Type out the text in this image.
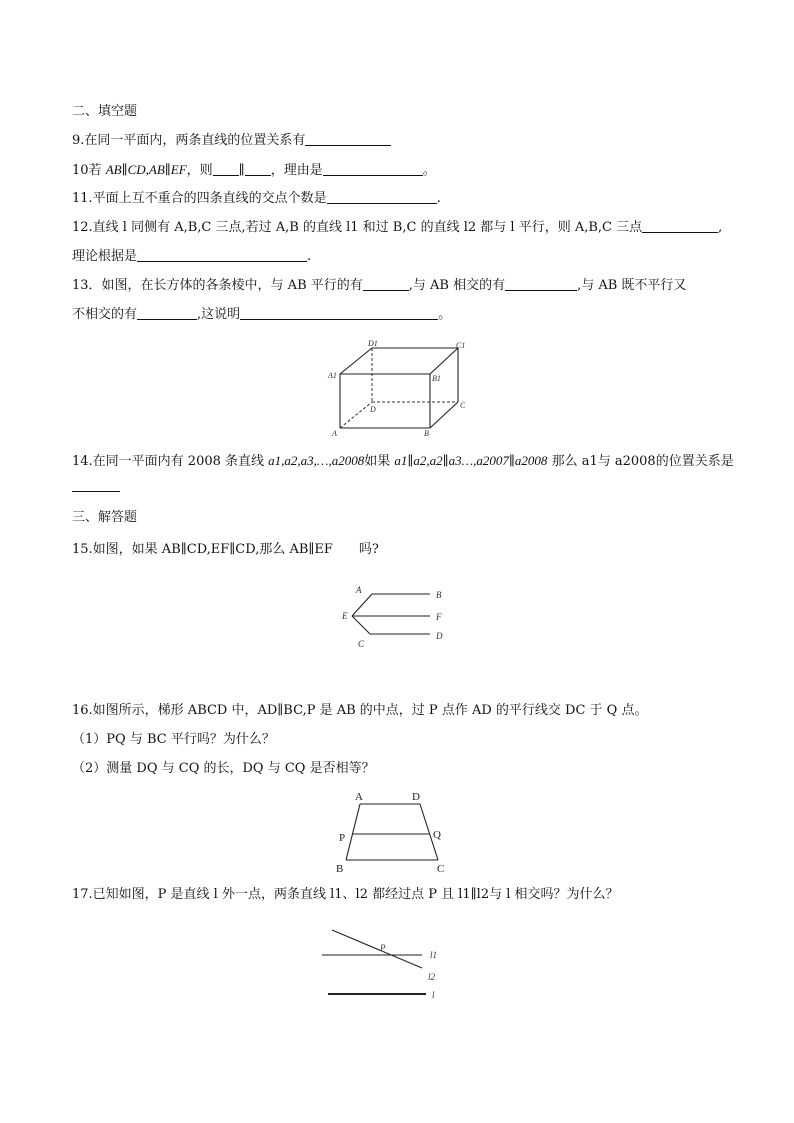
二、填空题
9.在同一平面内，两条直线的位置关系有
10若 AB∥CD,AB∥EF，则 ∥ ，理由是	。
11.平面上互不重合的四条直线的交点个数是	.
12.直线 l 同侧有 A,B,C 三点,若过 A,B 的直线 l1 和过 B,C 的直线 l2 都与 l 平行，则 A,B,C 三点	,
理论根据是	.
13．如图，在长方体的各条棱中，与 AB 平行的有	,与 AB 相交的有	,与 AB 既不平行又
不相交的有	,这说明	。
D1	C1
A1	B1
D	C
A	B
14.在同一平面内有 2008 条直线 a1,a2,a3,…,a2008如果 a1∥a2,a2∥a3…,a2007∥a2008 那么 a1与 a2008的位置关系是
三、解答题
15.如图，如果 AB∥CD,EF∥CD,那么 AB∥EF　　吗?
A	B
E	F
C
D
16.如图所示，梯形 ABCD 中，AD∥BC,P 是 AB 的中点，过 P 点作 AD 的平行线交 DC 于 Q 点。
（1）PQ 与 BC 平行吗？为什么？
（2）测量 DQ 与 CQ 的长，DQ 与 CQ 是否相等？
A	D
P	Q
B	C
17.已知如图，P 是直线 l 外一点，两条直线 l1、l2 都经过点 P 且 l1∥l2与 l 相交吗？为什么？
P
l1
l2
l
